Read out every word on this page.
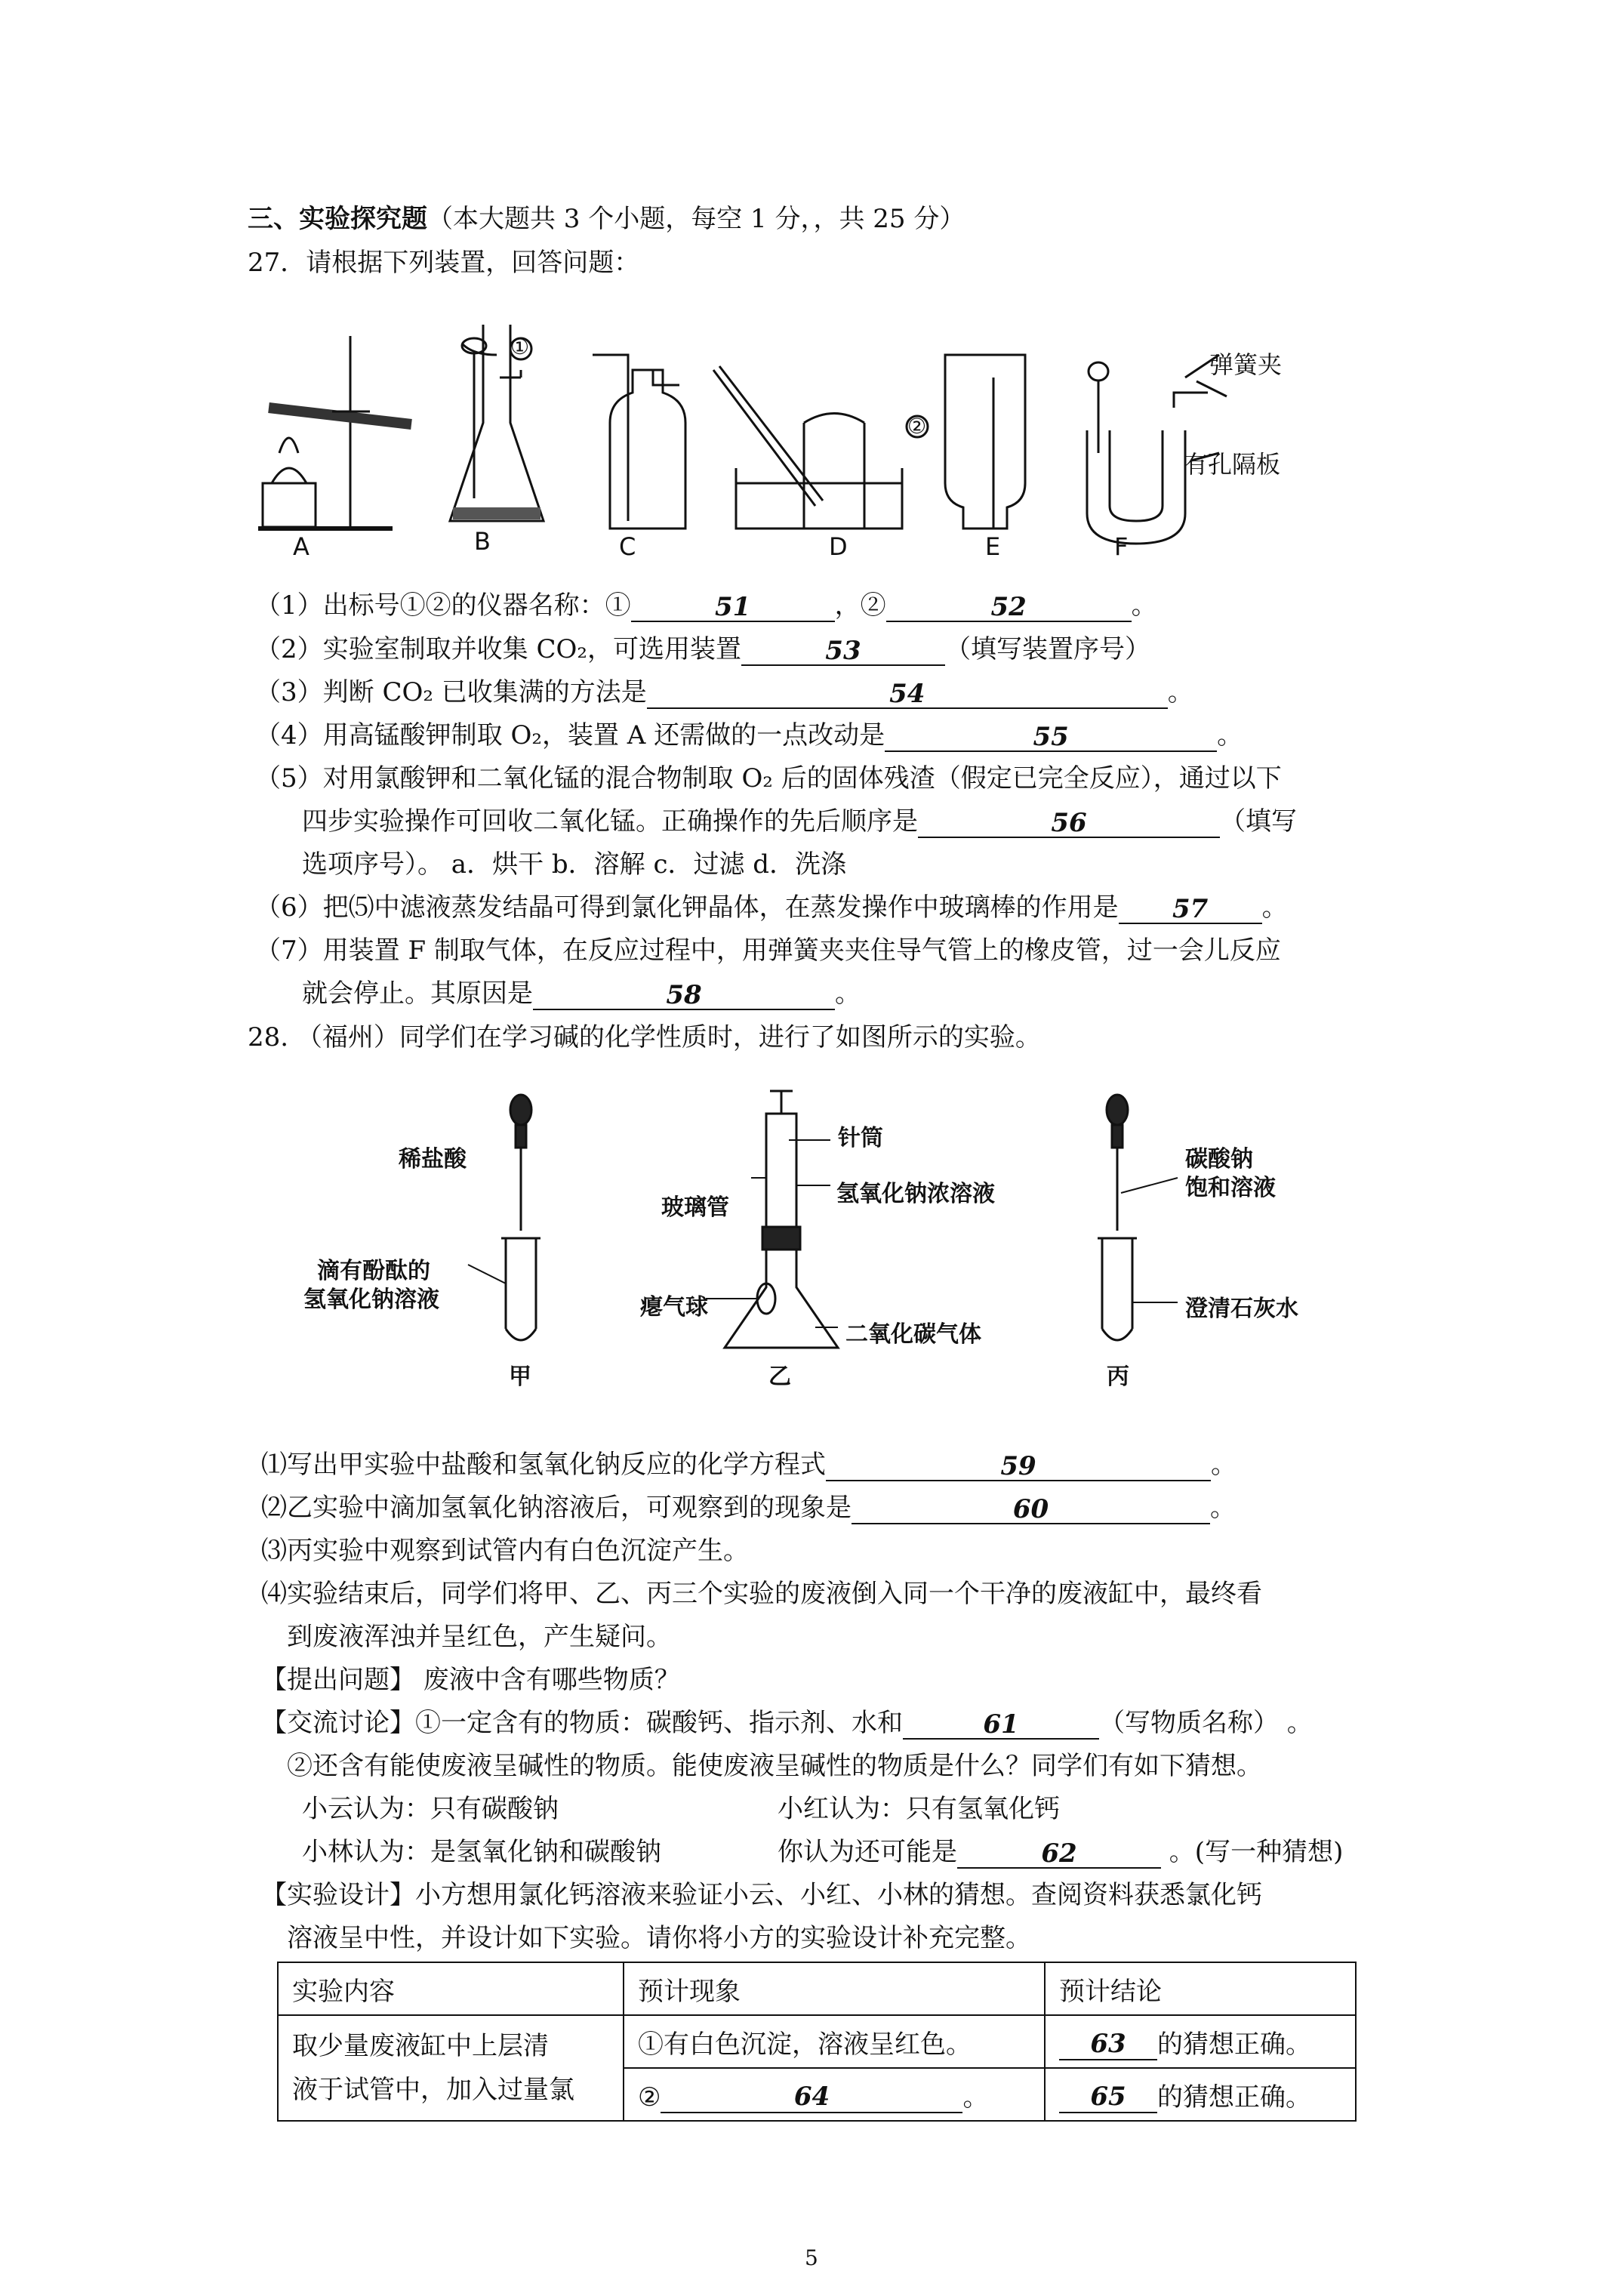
三、实验探究题（本大题共 3 个小题，每空 1 分，，共 25 分）
27．请根据下列装置，回答问题：
A	B	C	D	E	F
①
②
弹簧夹
有孔隔板
（1）出标号①②的仪器名称：①	51	，②	52	。
（2）实验室制取并收集 CO₂，可选用装置	53	（填写装置序号）
（3）判断 CO₂ 已收集满的方法是	54	。
（4）用高锰酸钾制取 O₂，装置 A 还需做的一点改动是	55	。
（5）对用氯酸钾和二氧化锰的混合物制取 O₂ 后的固体残渣（假定已完全反应），通过以下
四步实验操作可回收二氧化锰。正确操作的先后顺序是	56	（填写
选项序号）。 a．烘干 b．溶解 c．过滤 d．洗涤
（6）把⑸中滤液蒸发结晶可得到氯化钾晶体，在蒸发操作中玻璃棒的作用是 57 。
（7）用装置 F 制取气体，在反应过程中，用弹簧夹夹住导气管上的橡皮管，过一会儿反应
就会停止。其原因是	58	。
28. （福州）同学们在学习碱的化学性质时，进行了如图所示的实验。
稀盐酸
滴有酚酞的
氢氧化钠溶液
甲
针筒
玻璃管
氢氧化钠浓溶液
瘪气球
二氧化碳气体
乙
碳酸钠
饱和溶液
澄清石灰水
丙
⑴写出甲实验中盐酸和氢氧化钠反应的化学方程式	59	。
⑵乙实验中滴加氢氧化钠溶液后，可观察到的现象是	60	。
⑶丙实验中观察到试管内有白色沉淀产生。
⑷实验结束后，同学们将甲、乙、丙三个实验的废液倒入同一个干净的废液缸中，最终看
到废液浑浊并呈红色，产生疑问。
【提出问题】 废液中含有哪些物质？
【交流讨论】①一定含有的物质：碳酸钙、指示剂、水和	61	（写物质名称） 。
②还含有能使废液呈碱性的物质。能使废液呈碱性的物质是什么？同学们有如下猜想。
小云认为：只有碳酸钠	小红认为：只有氢氧化钙
小林认为：是氢氧化钠和碳酸钠	你认为还可能是	62	。(写一种猜想)
【实验设计】小方想用氯化钙溶液来验证小云、小红、小林的猜想。查阅资料获悉氯化钙
溶液呈中性，并设计如下实验。请你将小方的实验设计补充完整。
实验内容	预计现象	预计结论
取少量废液缸中上层清
液于试管中，加入过量氯	①有白色沉淀，溶液呈红色。	63 的猜想正确。
	② 64 。	65 的猜想正确。
5
